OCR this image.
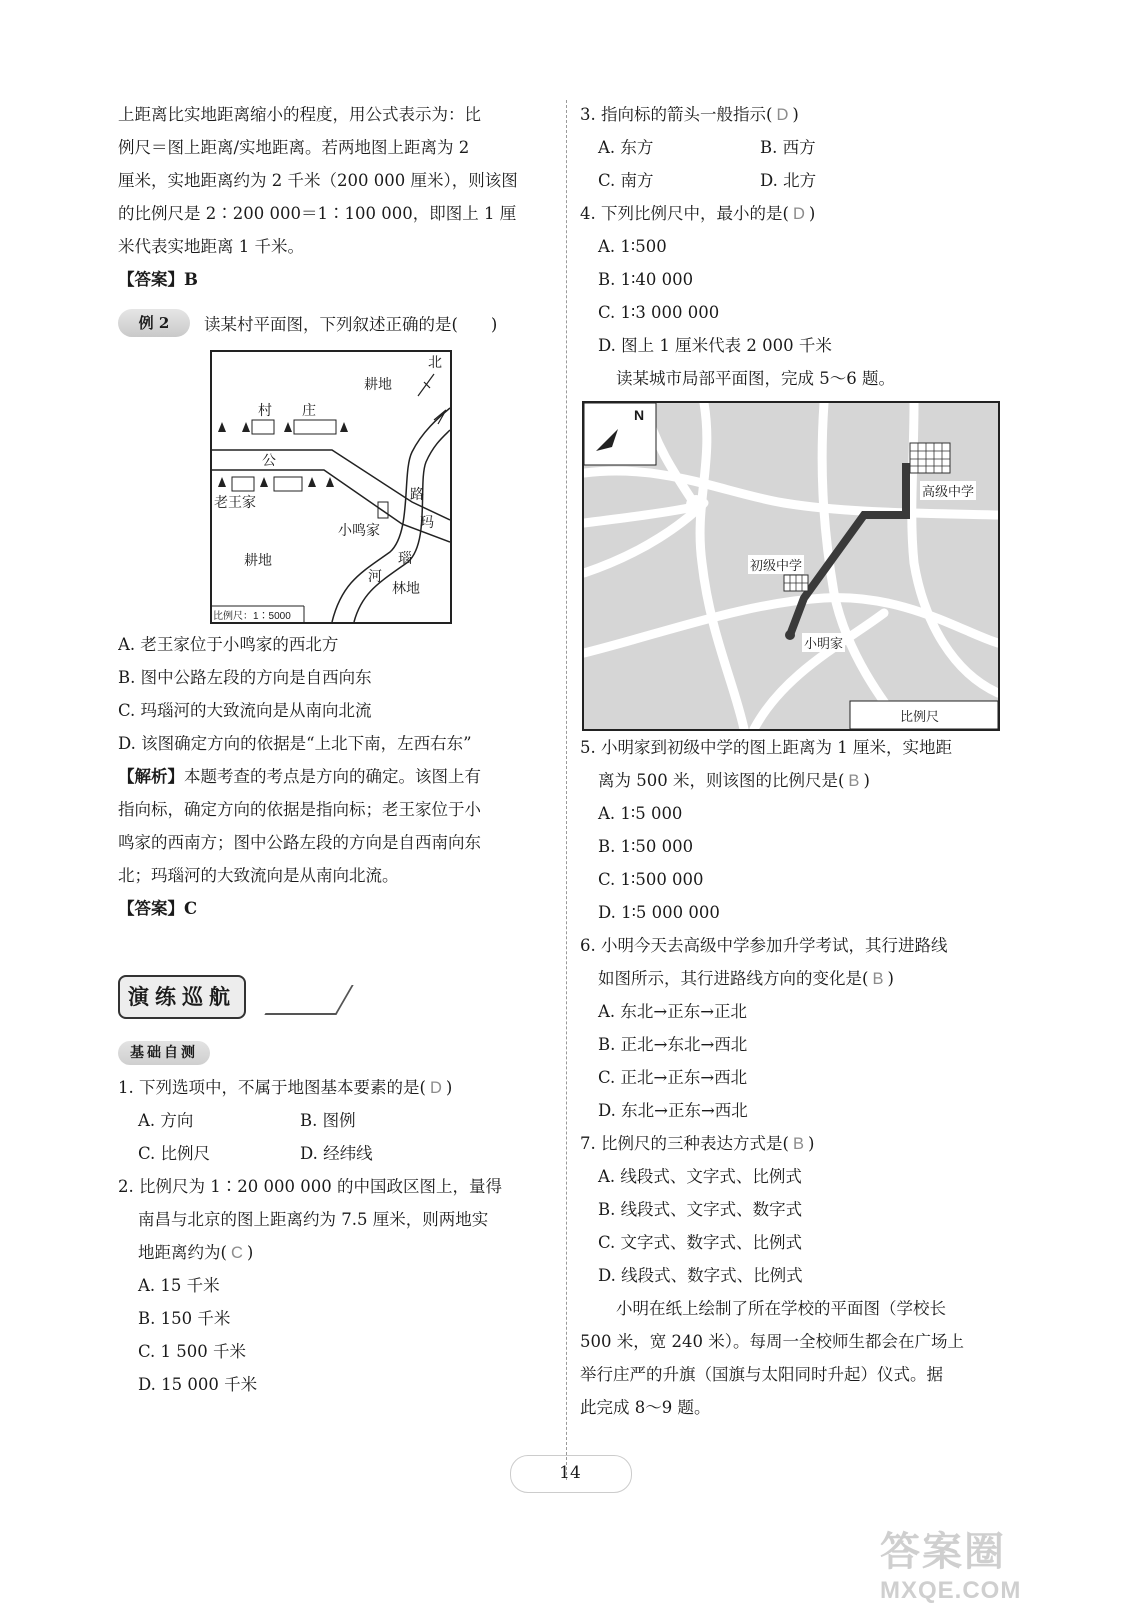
上距离比实地距离缩小的程度，用公式表示为：比
例尺＝图上距离/实地距离。若两地图上距离为 2
厘米，实地距离约为 2 千米（200 000 厘米），则该图
的比例尺是 2∶200 000＝1∶100 000，即图上 1 厘
米代表实地距离 1 千米。
【答案】B
例 2	读某村平面图，下列叙述正确的是(　　)
北
耕地
村 庄
公
路
老王家
小鸣家	玛
瑙
河
耕地
林地
比例尺：1∶5000
A. 老王家位于小鸣家的西北方
B. 图中公路左段的方向是自西向东
C. 玛瑙河的大致流向是从南向北流
D. 该图确定方向的依据是“上北下南，左西右东”
【解析】本题考查的考点是方向的确定。该图上有
指向标，确定方向的依据是指向标；老王家位于小
鸣家的西南方；图中公路左段的方向是自西南向东
北；玛瑙河的大致流向是从南向北流。
【答案】C
演练巡航
基础自测
1. 下列选项中，不属于地图基本要素的是( D )
A. 方向	B. 图例
C. 比例尺	D. 经纬线
2. 比例尺为 1∶20 000 000 的中国政区图上，量得
南昌与北京的图上距离约为 7.5 厘米，则两地实
地距离约为( C )
A. 15 千米
B. 150 千米
C. 1 500 千米
D. 15 000 千米
3. 指向标的箭头一般指示( D )
A. 东方	B. 西方
C. 南方	D. 北方
4. 下列比例尺中，最小的是( D )
A. 1∶500
B. 1∶40 000
C. 1∶3 000 000
D. 图上 1 厘米代表 2 000 千米
读某城市局部平面图，完成 5～6 题。
N
高级中学
初级中学
小明家
比例尺
5. 小明家到初级中学的图上距离为 1 厘米，实地距
离为 500 米，则该图的比例尺是( B )
A. 1∶5 000
B. 1∶50 000
C. 1∶500 000
D. 1∶5 000 000
6. 小明今天去高级中学参加升学考试，其行进路线
如图所示，其行进路线方向的变化是( B )
A. 东北→正东→正北
B. 正北→东北→西北
C. 正北→正东→西北
D. 东北→正东→西北
7. 比例尺的三种表达方式是( B )
A. 线段式、文字式、比例式
B. 线段式、文字式、数字式
C. 文字式、数字式、比例式
D. 线段式、数字式、比例式
小明在纸上绘制了所在学校的平面图（学校长
500 米，宽 240 米）。每周一全校师生都会在广场上
举行庄严的升旗（国旗与太阳同时升起）仪式。据
此完成 8～9 题。
14
答案圈
MXQE.COM
